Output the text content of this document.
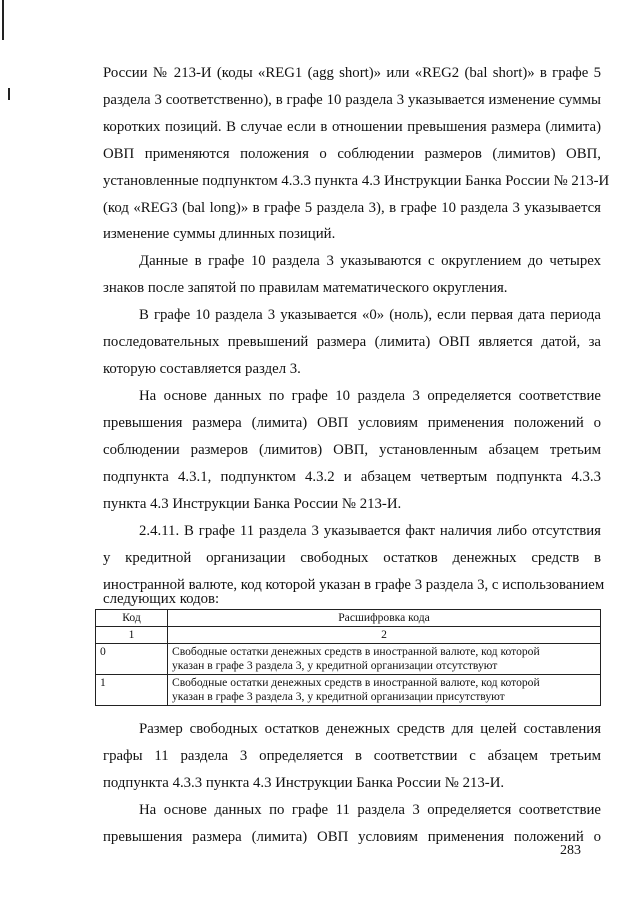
России № 213-И (коды «REG1 (agg short)» или «REG2 (bal short)» в графе 5
раздела 3 соответственно), в графе 10 раздела 3 указывается изменение суммы
коротких позиций. В случае если в отношении превышения размера (лимита)
ОВП применяются положения о соблюдении размеров (лимитов) ОВП,
установленные подпунктом 4.3.3 пункта 4.3 Инструкции Банка России № 213-И
(код «REG3 (bal long)» в графе 5 раздела 3), в графе 10 раздела 3 указывается
изменение суммы длинных позиций.
Данные в графе 10 раздела 3 указываются с округлением до четырех
знаков после запятой по правилам математического округления.
В графе 10 раздела 3 указывается «0» (ноль), если первая дата периода
последовательных превышений размера (лимита) ОВП является датой, за
которую составляется раздел 3.
На основе данных по графе 10 раздела 3 определяется соответствие
превышения размера (лимита) ОВП условиям применения положений о
соблюдении размеров (лимитов) ОВП, установленным абзацем третьим
подпункта 4.3.1, подпунктом 4.3.2 и абзацем четвертым подпункта 4.3.3
пункта 4.3 Инструкции Банка России № 213-И.
2.4.11. В графе 11 раздела 3 указывается факт наличия либо отсутствия
у кредитной организации свободных остатков денежных средств в
иностранной валюте, код которой указан в графе 3 раздела 3, с использованием
следующих кодов:
Код	Расшифровка кода
1	2
0	Свободные остатки денежных средств в иностранной валюте, код которой
указан в графе 3 раздела 3, у кредитной организации отсутствуют

1	Свободные остатки денежных средств в иностранной валюте, код которой
указан в графе 3 раздела 3, у кредитной организации присутствуют
Размер свободных остатков денежных средств для целей составления
графы 11 раздела 3 определяется в соответствии с абзацем третьим
подпункта 4.3.3 пункта 4.3 Инструкции Банка России № 213-И.
На основе данных по графе 11 раздела 3 определяется соответствие
превышения размера (лимита) ОВП условиям применения положений о
283
